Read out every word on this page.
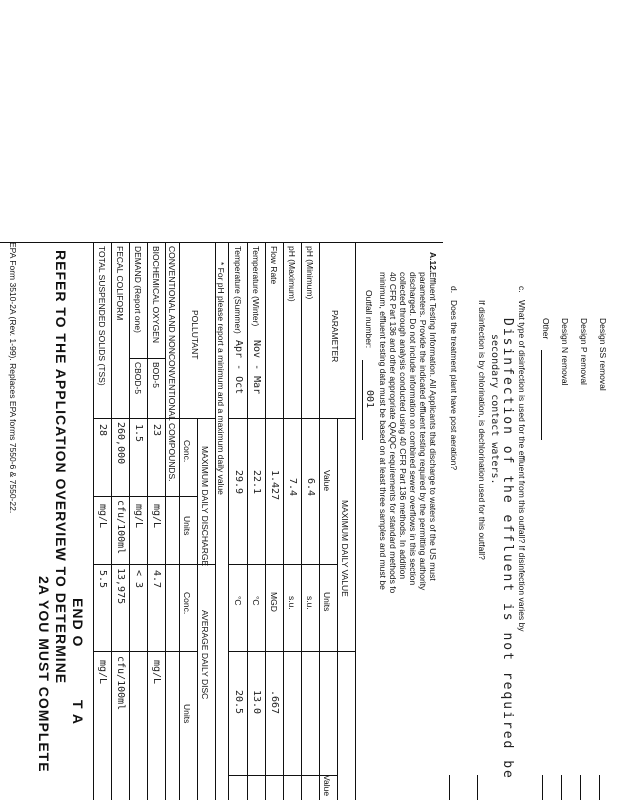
Design SS removal
Design P removal
Design N removal
Other
c.
What type of disinfection is used for the effluent from this outfall? If disinfection varies by
Disinfection of the effluent is not required be
secondary contact waters.
If disinfection is by chlorination, is dechlorination used for this outfall?
d.
Does the treatment plant have post aeration?
A.12.
Effluent Testing Information. All Applicants that discharge to waters of the US must
parameters. Provide the indicated effluent testing required by the permitting authority
discharged. Do not include information on combined sewer overflows in this section
collected through analysis conducted using 40 CFR Part 136 methods. In addition
40 CFR Part 136 and other appropriate QA/QC requirements for standard methods fo
minimum, effluent testing data must be based on at least three samples and must be
Outfall number:
001
PARAMETER
MAXIMUM DAILY VALUE
Value
Units
Value
pH (Minimum)
6.4
s.u.
pH (Maximum)
7.4
s.u.
Flow Rate
1.427
MGD
.667
Temperature (Winter)
Nov - Mar
22.1
°C
13.0
Temperature (Summer)
Apr - Oct
29.9
°C
20.5
* For pH please report a minimum and a maximum daily value
POLLUTANT
MAXIMUM DAILY DISCHARGE
AVERAGE DAILY DISC
Conc.
Units
Conc.
Units
CONVENTIONAL AND NONCONVENTIONAL COMPOUNDS.
BIOCHEMICAL OXYGEN
BOD-5
23
mg/L
4.7
mg/L
DEMAND (Report one)
CBOD-5
1.5
mg/L
< 3
FECAL COLIFORM
260,000
cfu/100ml
13,975
cfu/100ml
TOTAL SUSPENDED SOLIDS (TSS)
28
mg/L
5.5
mg/L
END O
T A
REFER TO THE APPLICATION OVERVIEW TO DETERMINE
2A YOU MUST COMPLETE
EPA Form 3510-2A (Rev. 1-99). Replaces EPA forms 7550-6 & 7550-22.
